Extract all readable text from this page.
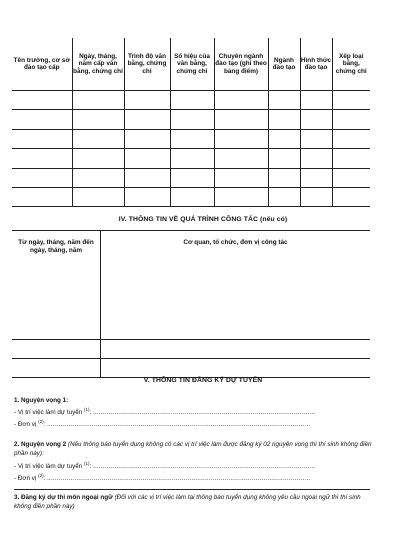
Tên trường, cơ sở đào tạo cấp	Ngày, tháng, năm cấp văn bằng, chứng chỉ	Trình độ văn bằng, chứng chỉ	Số hiệu của văn bằng, chứng chỉ	Chuyên ngành đào tạo (ghi theo bảng điểm)	Ngành đào tạo	Hình thức đào tạo	Xếp loại bằng, chứng chỉ

IV. THÔNG TIN VỀ QUÁ TRÌNH CÔNG TÁC (nếu có)
Từ ngày, tháng, năm đến ngày, tháng, năm	Cơ quan, tổ chức, đơn vị công tác

V. THÔNG TIN ĐĂNG KÝ DỰ TUYỂN
1. Nguyện vọng 1:
- Vị trí việc làm dự tuyển $^{(1)}$: ..................................................................................................................
- Đơn vị $^{(2)}$: .......................................................................................................................................
2. Nguyện vọng 2 (Nếu thông báo tuyển dụng không có các vị trí việc làm được đăng ký 02 nguyện vọng thì thí sinh không điền phần này):
- Vị trí việc làm dự tuyển $^{(1)}$: ..................................................................................................................
- Đơn vị $^{(2)}$: .......................................................................................................................................
3. Đăng ký dự thi môn ngoại ngữ (Đối với các vị trí việc làm tại thông báo tuyển dụng không yêu cầu ngoại ngữ thì thí sinh không điền phần này)
